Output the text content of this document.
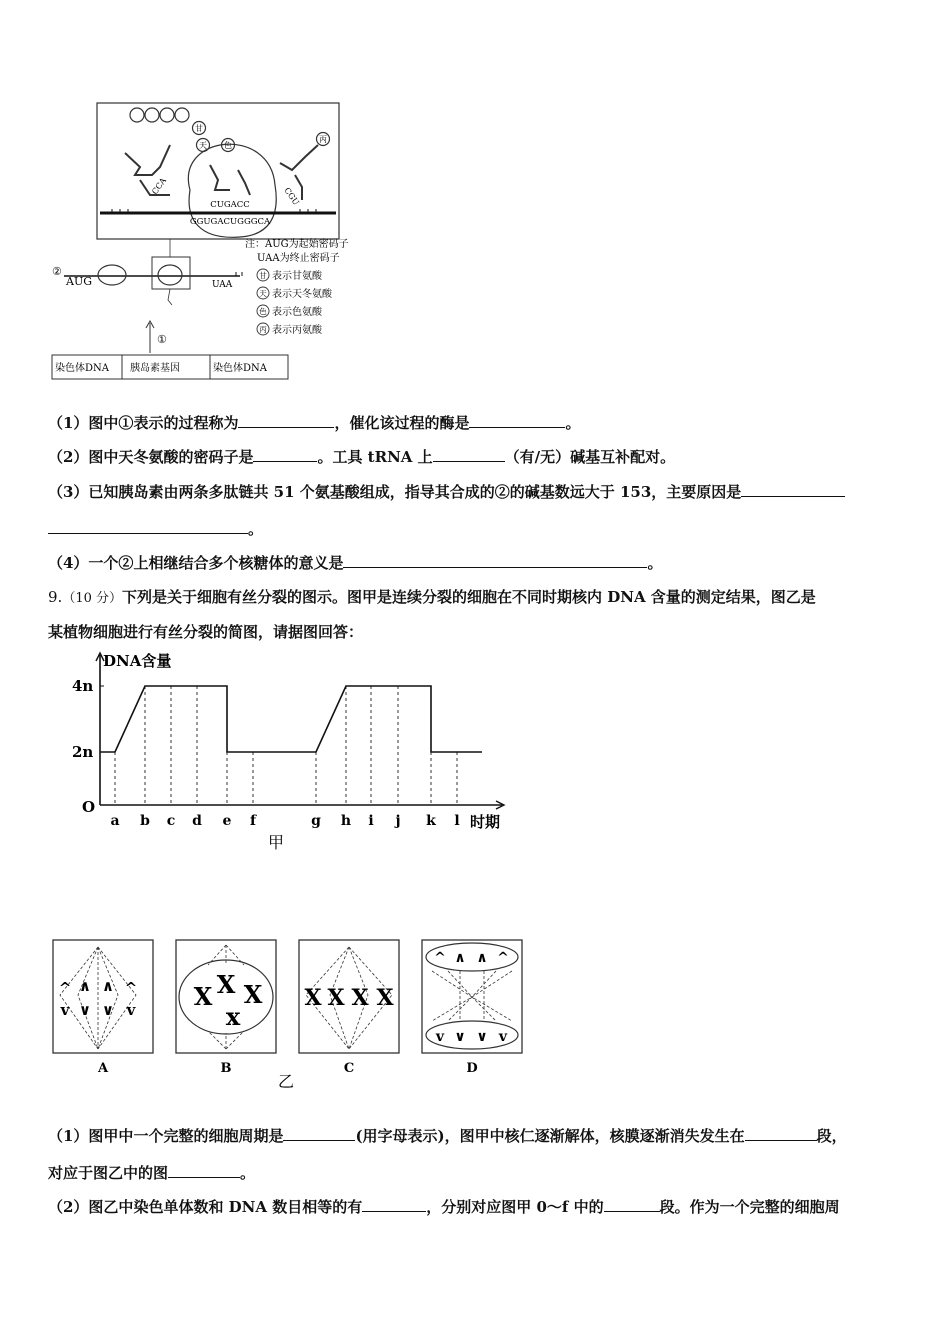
甘
天 色
丙
CCA	CGU
CUGACC
GGUGACUGGGCA
②
AUG	UAA
注：AUG为起始密码子
UAA为终止密码子
甘 表示甘氨酸
天 表示天冬氨酸
色 表示色氨酸
丙 表示丙氨酸
①
染色体DNA 胰岛素基因	染色体DNA
（1）图中①表示的过程称为	，催化该过程的酶是	。
（2）图中天冬氨酸的密码子是	。工具 tRNA 上	（有/无）碱基互补配对。
（3）已知胰岛素由两条多肽链共 51 个氨基酸组成，指导其合成的②的碱基数远大于 153，主要原因是
。
（4）一个②上相继结合多个核糖体的意义是	。
9.（10 分）下列是关于细胞有丝分裂的图示。图甲是连续分裂的细胞在不同时期核内 DNA 含量的测定结果，图乙是
某植物细胞进行有丝分裂的简图，请据图回答：
DNA含量
时期
O
2n
4n
a b c d e f	g h i j k l
甲
^ ∧ ∧ ^
v ∨ ∨ v
A
X X X
x
B
X X X X
C
^ ∧ ∧ ^
v ∨ ∨ v
D
乙
（1）图甲中一个完整的细胞周期是	(用字母表示)，图甲中核仁逐渐解体，核膜逐渐消失发生在	段，
对应于图乙中的图	。
（2）图乙中染色单体数和 DNA 数目相等的有	，分别对应图甲 0～f 中的	段。作为一个完整的细胞周
